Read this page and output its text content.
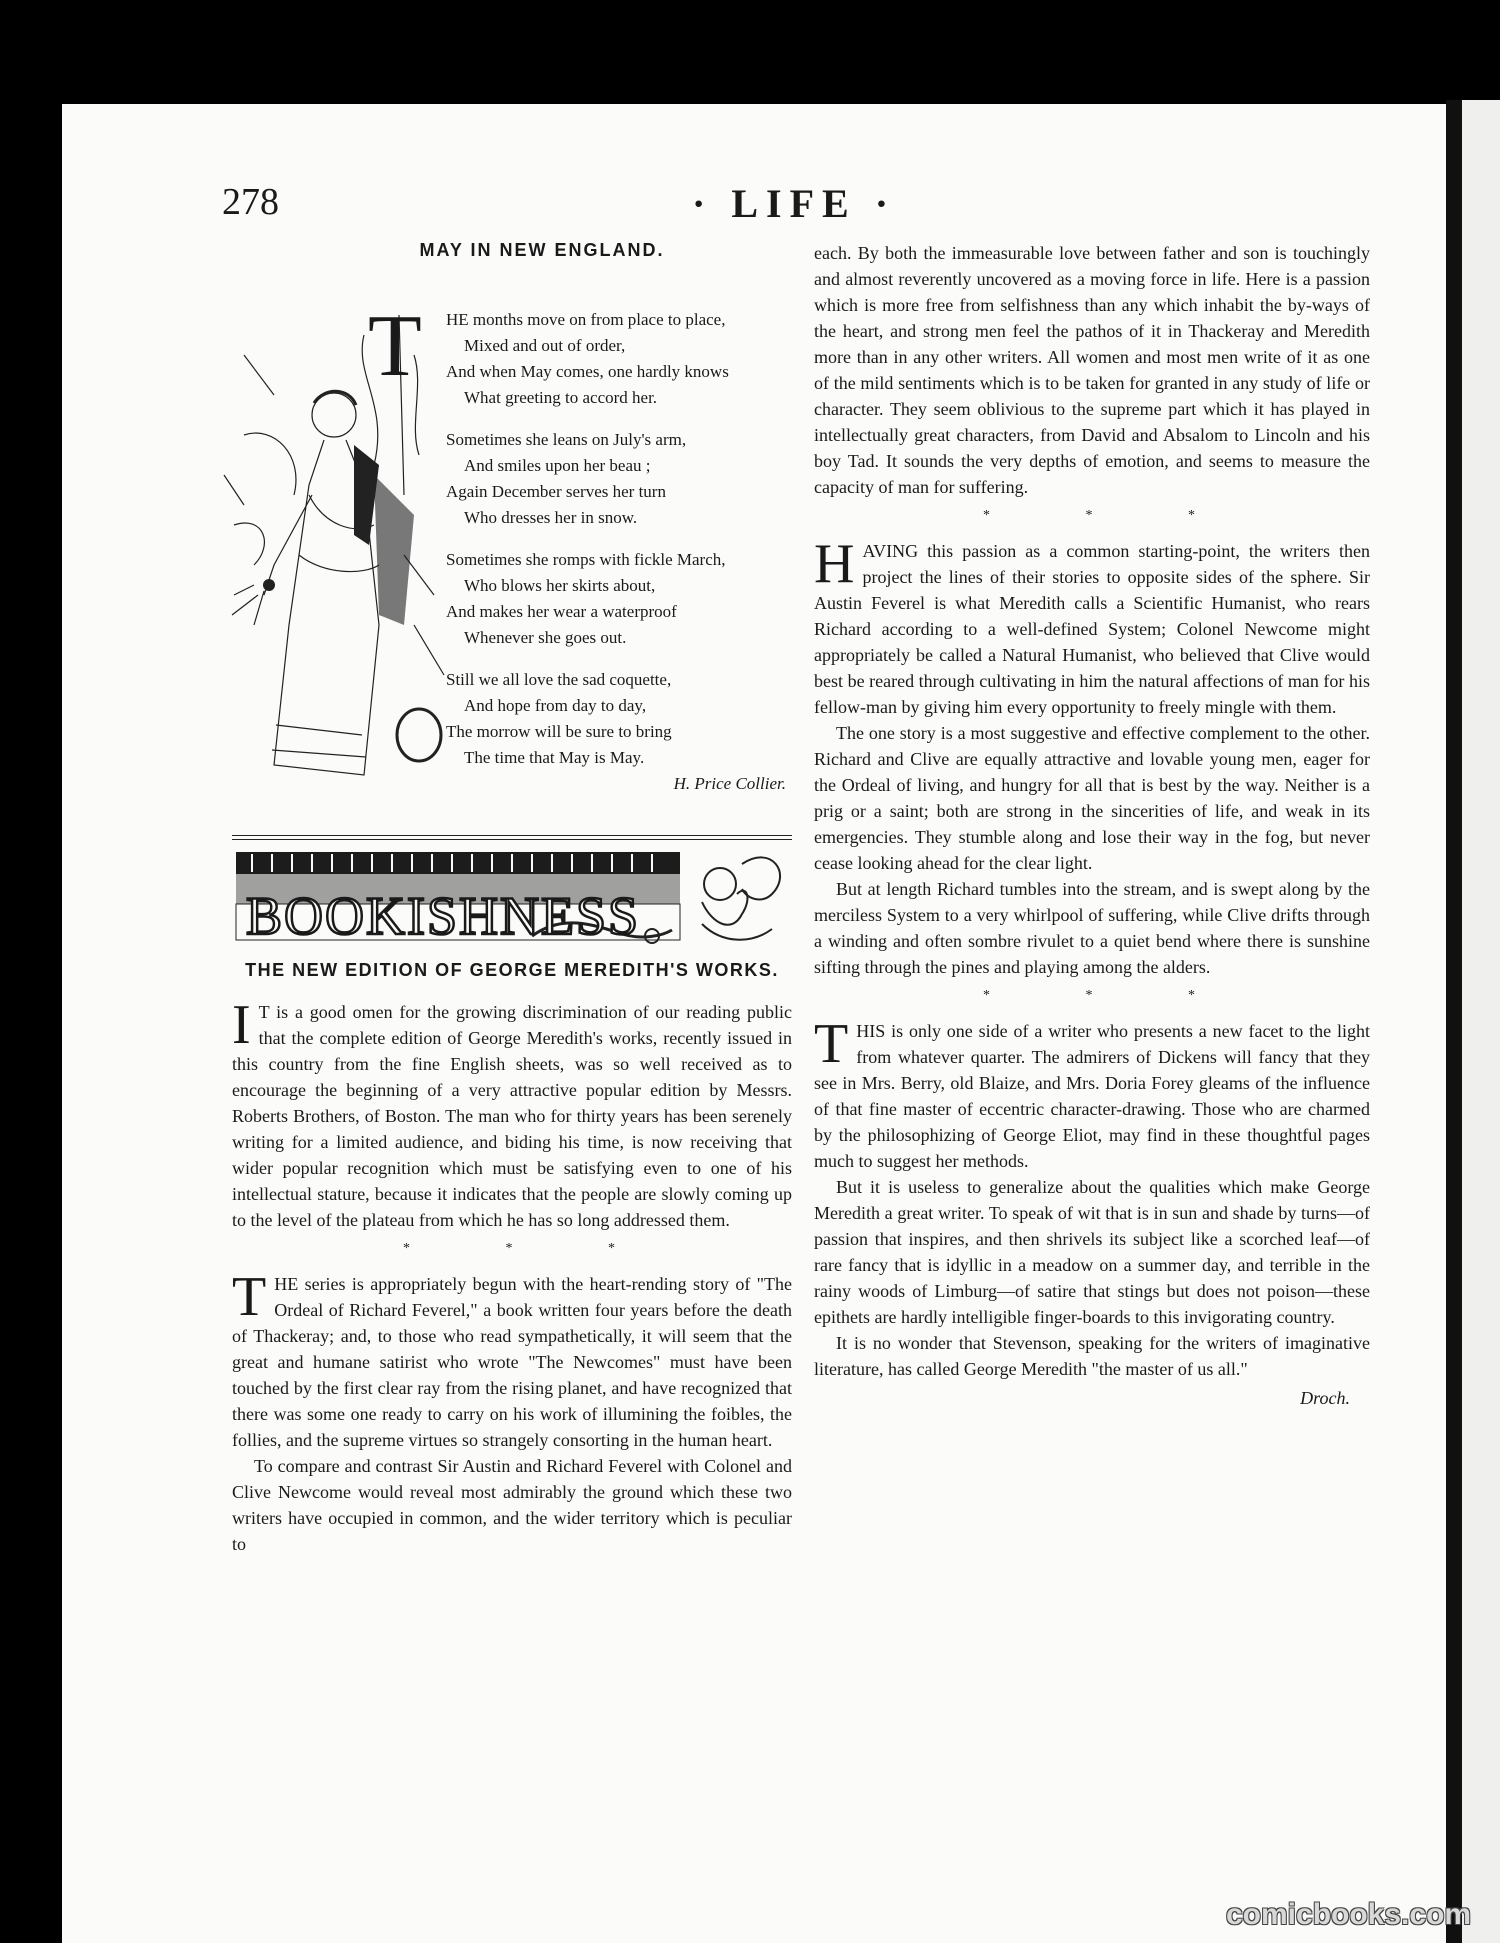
278	· LIFE ·
MAY IN NEW ENGLAND.
T HE months move on from place to place,
Mixed and out of order,
And when May comes, one hardly knows
What greeting to accord her.
Sometimes she leans on July's arm,
And smiles upon her beau ;
Again December serves her turn
Who dresses her in snow.
Sometimes she romps with fickle March,
Who blows her skirts about,
And makes her wear a waterproof
Whenever she goes out.
Still we all love the sad coquette,
And hope from day to day,
The morrow will be sure to bring
The time that May is May.
H. Price Collier.
BOOKISHNESS
THE NEW EDITION OF GEORGE MEREDITH'S WORKS.

I T is a good omen for the growing discrimination of our reading public that the complete edition of George Meredith's works, recently issued in this country from the fine English sheets, was so well received as to encourage the beginning of a very attractive popular edition by Messrs. Roberts Brothers, of Boston. The man who for thirty years has been serenely writing for a limited audience, and biding his time, is now receiving that wider popular recognition which must be satisfying even to one of his intellectual stature, because it indicates that the people are slowly coming up to the level of the plateau from which he has so long addressed them.

* * *

THE series is appropriately begun with the heart-rending story of "The Ordeal of Richard Feverel," a book written four years before the death of Thackeray; and, to those who read sympathetically, it will seem that the great and humane satirist who wrote "The Newcomes" must have been touched by the first clear ray from the rising planet, and have recognized that there was some one ready to carry on his work of illumining the foibles, the follies, and the supreme virtues so strangely consorting in the human heart.

To compare and contrast Sir Austin and Richard Feverel with Colonel and Clive Newcome would reveal most admirably the ground which these two writers have occupied in common, and the wider territory which is peculiar to

each. By both the immeasurable love between father and son is touchingly and almost reverently uncovered as a moving force in life. Here is a passion which is more free from selfishness than any which inhabit the by-ways of the heart, and strong men feel the pathos of it in Thackeray and Meredith more than in any other writers. All women and most men write of it as one of the mild sentiments which is to be taken for granted in any study of life or character. They seem oblivious to the supreme part which it has played in intellectually great characters, from David and Absalom to Lincoln and his boy Tad. It sounds the very depths of emotion, and seems to measure the capacity of man for suffering.

* * *

HAVING this passion as a common starting-point, the writers then project the lines of their stories to opposite sides of the sphere. Sir Austin Feverel is what Meredith calls a Scientific Humanist, who rears Richard according to a well-defined System; Colonel Newcome might appropriately be called a Natural Humanist, who believed that Clive would best be reared through cultivating in him the natural affections of man for his fellow-man by giving him every opportunity to freely mingle with them.

The one story is a most suggestive and effective complement to the other. Richard and Clive are equally attractive and lovable young men, eager for the Ordeal of living, and hungry for all that is best by the way. Neither is a prig or a saint; both are strong in the sincerities of life, and weak in its emergencies. They stumble along and lose their way in the fog, but never cease looking ahead for the clear light.

But at length Richard tumbles into the stream, and is swept along by the merciless System to a very whirlpool of suffering, while Clive drifts through a winding and often sombre rivulet to a quiet bend where there is sunshine sifting through the pines and playing among the alders.

* * *

THIS is only one side of a writer who presents a new facet to the light from whatever quarter. The admirers of Dickens will fancy that they see in Mrs. Berry, old Blaize, and Mrs. Doria Forey gleams of the influence of that fine master of eccentric character-drawing. Those who are charmed by the philosophizing of George Eliot, may find in these thoughtful pages much to suggest her methods.

But it is useless to generalize about the qualities which make George Meredith a great writer. To speak of wit that is in sun and shade by turns—of passion that inspires, and then shrivels its subject like a scorched leaf—of rare fancy that is idyllic in a meadow on a summer day, and terrible in the rainy woods of Limburg—of satire that stings but does not poison—these epithets are hardly intelligible finger-boards to this invigorating country.

It is no wonder that Stevenson, speaking for the writers of imaginative literature, has called George Meredith "the master of us all."

Droch.
comicbooks.com
